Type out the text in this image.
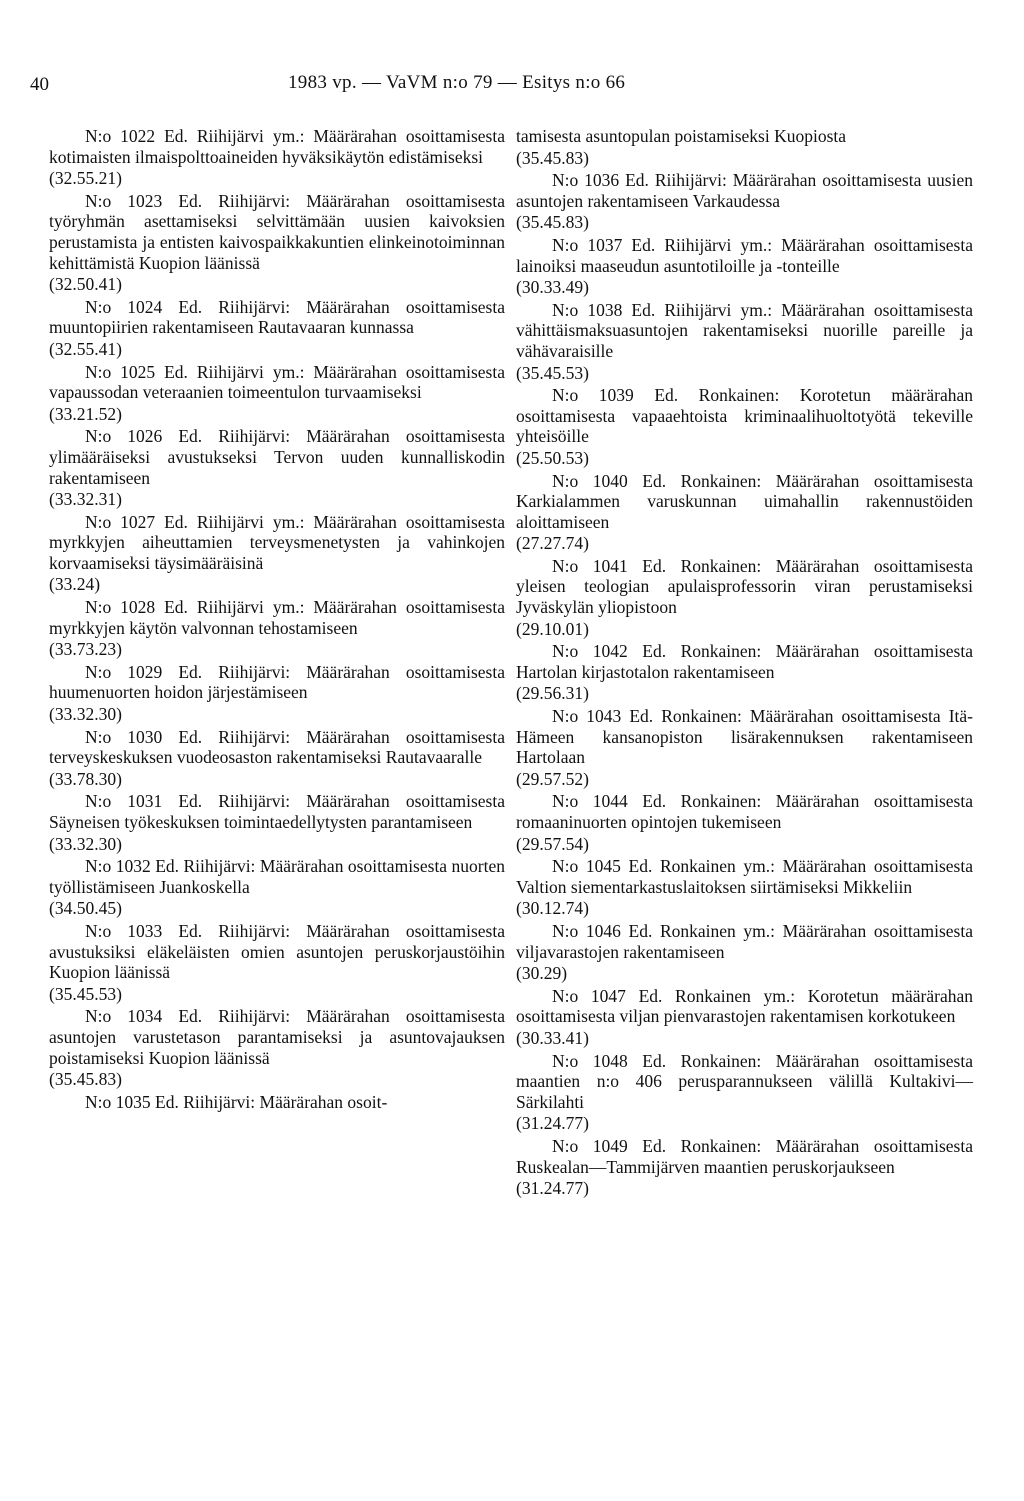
40	1983 vp. — VaVM n:o 79 — Esitys n:o 66
N:o 1022 Ed. Riihijärvi ym.: Määrärahan osoittamisesta kotimaisten ilmaispolttoaineiden hyväksikäytön edistämiseksi
(32.55.21)
N:o 1023 Ed. Riihijärvi: Määrärahan osoittamisesta työryhmän asettamiseksi selvittämään uusien kaivoksien perustamista ja entisten kaivospaikkakuntien elinkeinotoiminnan kehittämistä Kuopion läänissä
(32.50.41)
N:o 1024 Ed. Riihijärvi: Määrärahan osoittamisesta muuntopiirien rakentamiseen Rautavaaran kunnassa
(32.55.41)
N:o 1025 Ed. Riihijärvi ym.: Määrärahan osoittamisesta vapaussodan veteraanien toimeentulon turvaamiseksi
(33.21.52)
N:o 1026 Ed. Riihijärvi: Määrärahan osoittamisesta ylimääräiseksi avustukseksi Tervon uuden kunnalliskodin rakentamiseen
(33.32.31)
N:o 1027 Ed. Riihijärvi ym.: Määrärahan osoittamisesta myrkkyjen aiheuttamien terveysmenetysten ja vahinkojen korvaamiseksi täysimääräisinä
(33.24)
N:o 1028 Ed. Riihijärvi ym.: Määrärahan osoittamisesta myrkkyjen käytön valvonnan tehostamiseen
(33.73.23)
N:o 1029 Ed. Riihijärvi: Määrärahan osoittamisesta huumenuorten hoidon järjestämiseen
(33.32.30)
N:o 1030 Ed. Riihijärvi: Määrärahan osoittamisesta terveyskeskuksen vuodeosaston rakentamiseksi Rautavaaralle
(33.78.30)
N:o 1031 Ed. Riihijärvi: Määrärahan osoittamisesta Säyneisen työkeskuksen toimintaedellytysten parantamiseen
(33.32.30)
N:o 1032 Ed. Riihijärvi: Määrärahan osoittamisesta nuorten työllistämiseen Juankoskella
(34.50.45)
N:o 1033 Ed. Riihijärvi: Määrärahan osoittamisesta avustuksiksi eläkeläisten omien asuntojen peruskorjaustöihin Kuopion läänissä
(35.45.53)
N:o 1034 Ed. Riihijärvi: Määrärahan osoittamisesta asuntojen varustetason parantamiseksi ja asuntovajauksen poistamiseksi Kuopion läänissä
(35.45.83)
N:o 1035 Ed. Riihijärvi: Määrärahan osoit-
tamisesta asuntopulan poistamiseksi Kuopiosta
(35.45.83)
N:o 1036 Ed. Riihijärvi: Määrärahan osoittamisesta uusien asuntojen rakentamiseen Varkaudessa
(35.45.83)
N:o 1037 Ed. Riihijärvi ym.: Määrärahan osoittamisesta lainoiksi maaseudun asuntotiloille ja -tonteille
(30.33.49)
N:o 1038 Ed. Riihijärvi ym.: Määrärahan osoittamisesta vähittäismaksuasuntojen rakentamiseksi nuorille pareille ja vähävaraisille
(35.45.53)
N:o 1039 Ed. Ronkainen: Korotetun määrärahan osoittamisesta vapaaehtoista kriminaalihuoltotyötä tekeville yhteisöille
(25.50.53)
N:o 1040 Ed. Ronkainen: Määrärahan osoittamisesta Karkialammen varuskunnan uimahallin rakennustöiden aloittamiseen
(27.27.74)
N:o 1041 Ed. Ronkainen: Määrärahan osoittamisesta yleisen teologian apulaisprofessorin viran perustamiseksi Jyväskylän yliopistoon
(29.10.01)
N:o 1042 Ed. Ronkainen: Määrärahan osoittamisesta Hartolan kirjastotalon rakentamiseen
(29.56.31)
N:o 1043 Ed. Ronkainen: Määrärahan osoittamisesta Itä-Hämeen kansanopiston lisärakennuksen rakentamiseen Hartolaan
(29.57.52)
N:o 1044 Ed. Ronkainen: Määrärahan osoittamisesta romaaninuorten opintojen tukemiseen
(29.57.54)
N:o 1045 Ed. Ronkainen ym.: Määrärahan osoittamisesta Valtion siementarkastuslaitoksen siirtämiseksi Mikkeliin
(30.12.74)
N:o 1046 Ed. Ronkainen ym.: Määrärahan osoittamisesta viljavarastojen rakentamiseen
(30.29)
N:o 1047 Ed. Ronkainen ym.: Korotetun määrärahan osoittamisesta viljan pienvarastojen rakentamisen korkotukeen
(30.33.41)
N:o 1048 Ed. Ronkainen: Määrärahan osoittamisesta maantien n:o 406 perusparannukseen välillä Kultakivi—Särkilahti
(31.24.77)
N:o 1049 Ed. Ronkainen: Määrärahan osoittamisesta Ruskealan—Tammijärven maantien peruskorjaukseen
(31.24.77)
